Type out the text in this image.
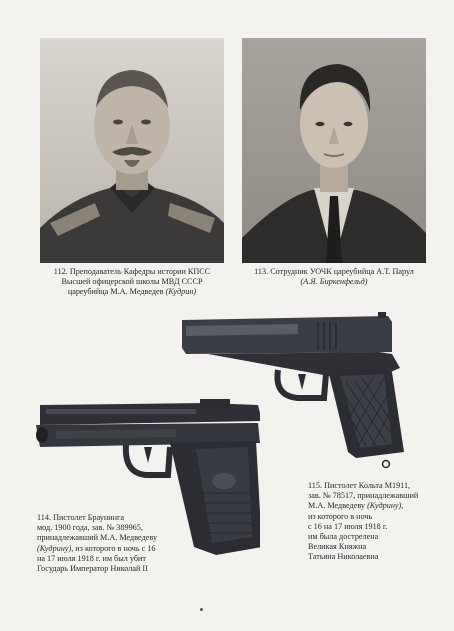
112. Преподаватель Кафедры истории КПСС
Высшей офицерской школы МВД СССР
цареубийца М.А. Медведев (Кудрин)
113. Сотрудник УОЧК цареубийца А.Т. Парул
(А.Я. Биркенфельд)
114. Пистолет Браунинга
мод. 1900 года, зав. № 389965,
принадлежавший М.А. Медведеву
(Кудрину), из которого в ночь с 16
на 17 июля 1918 г. им был убит
Государь Император Николай II
115. Пистолет Кольта M1911,
зав. № 78517, принадлежавший
М.А. Медведеву (Кудрину),
из которого в ночь
с 16 на 17 июля 1918 г.
им была дострелена
Великая Княжна
Татьяна Николаевна
